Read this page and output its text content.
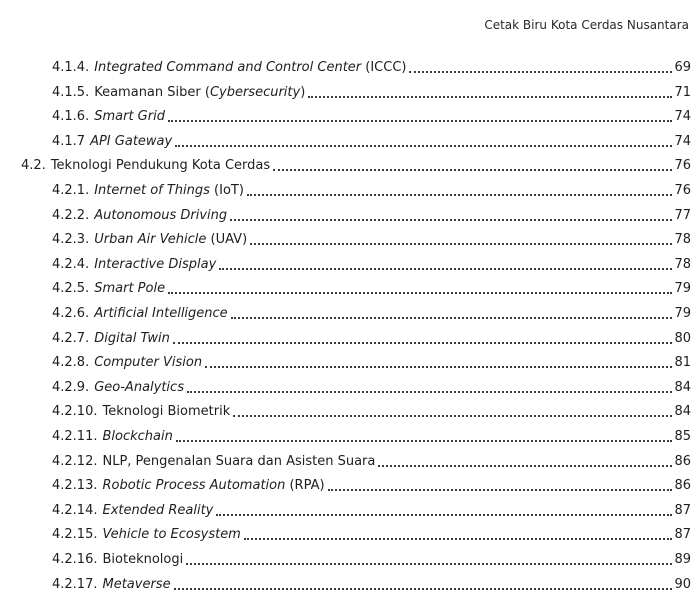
Cetak Biru Kota Cerdas Nusantara
4.1.4. Integrated Command and Control Center (ICCC)	69
4.1.5. Keamanan Siber (Cybersecurity)	71
4.1.6. Smart Grid	74
4.1.7 API Gateway	74
4.2. Teknologi Pendukung Kota Cerdas	76
4.2.1. Internet of Things (IoT)	76
4.2.2. Autonomous Driving	77
4.2.3. Urban Air Vehicle (UAV)	78
4.2.4. Interactive Display	78
4.2.5. Smart Pole	79
4.2.6. Artificial Intelligence	79
4.2.7. Digital Twin	80
4.2.8. Computer Vision	81
4.2.9. Geo-Analytics	84
4.2.10. Teknologi Biometrik	84
4.2.11. Blockchain	85
4.2.12. NLP, Pengenalan Suara dan Asisten Suara	86
4.2.13. Robotic Process Automation (RPA)	86
4.2.14. Extended Reality	87
4.2.15. Vehicle to Ecosystem	87
4.2.16. Bioteknologi	89
4.2.17. Metaverse	90
